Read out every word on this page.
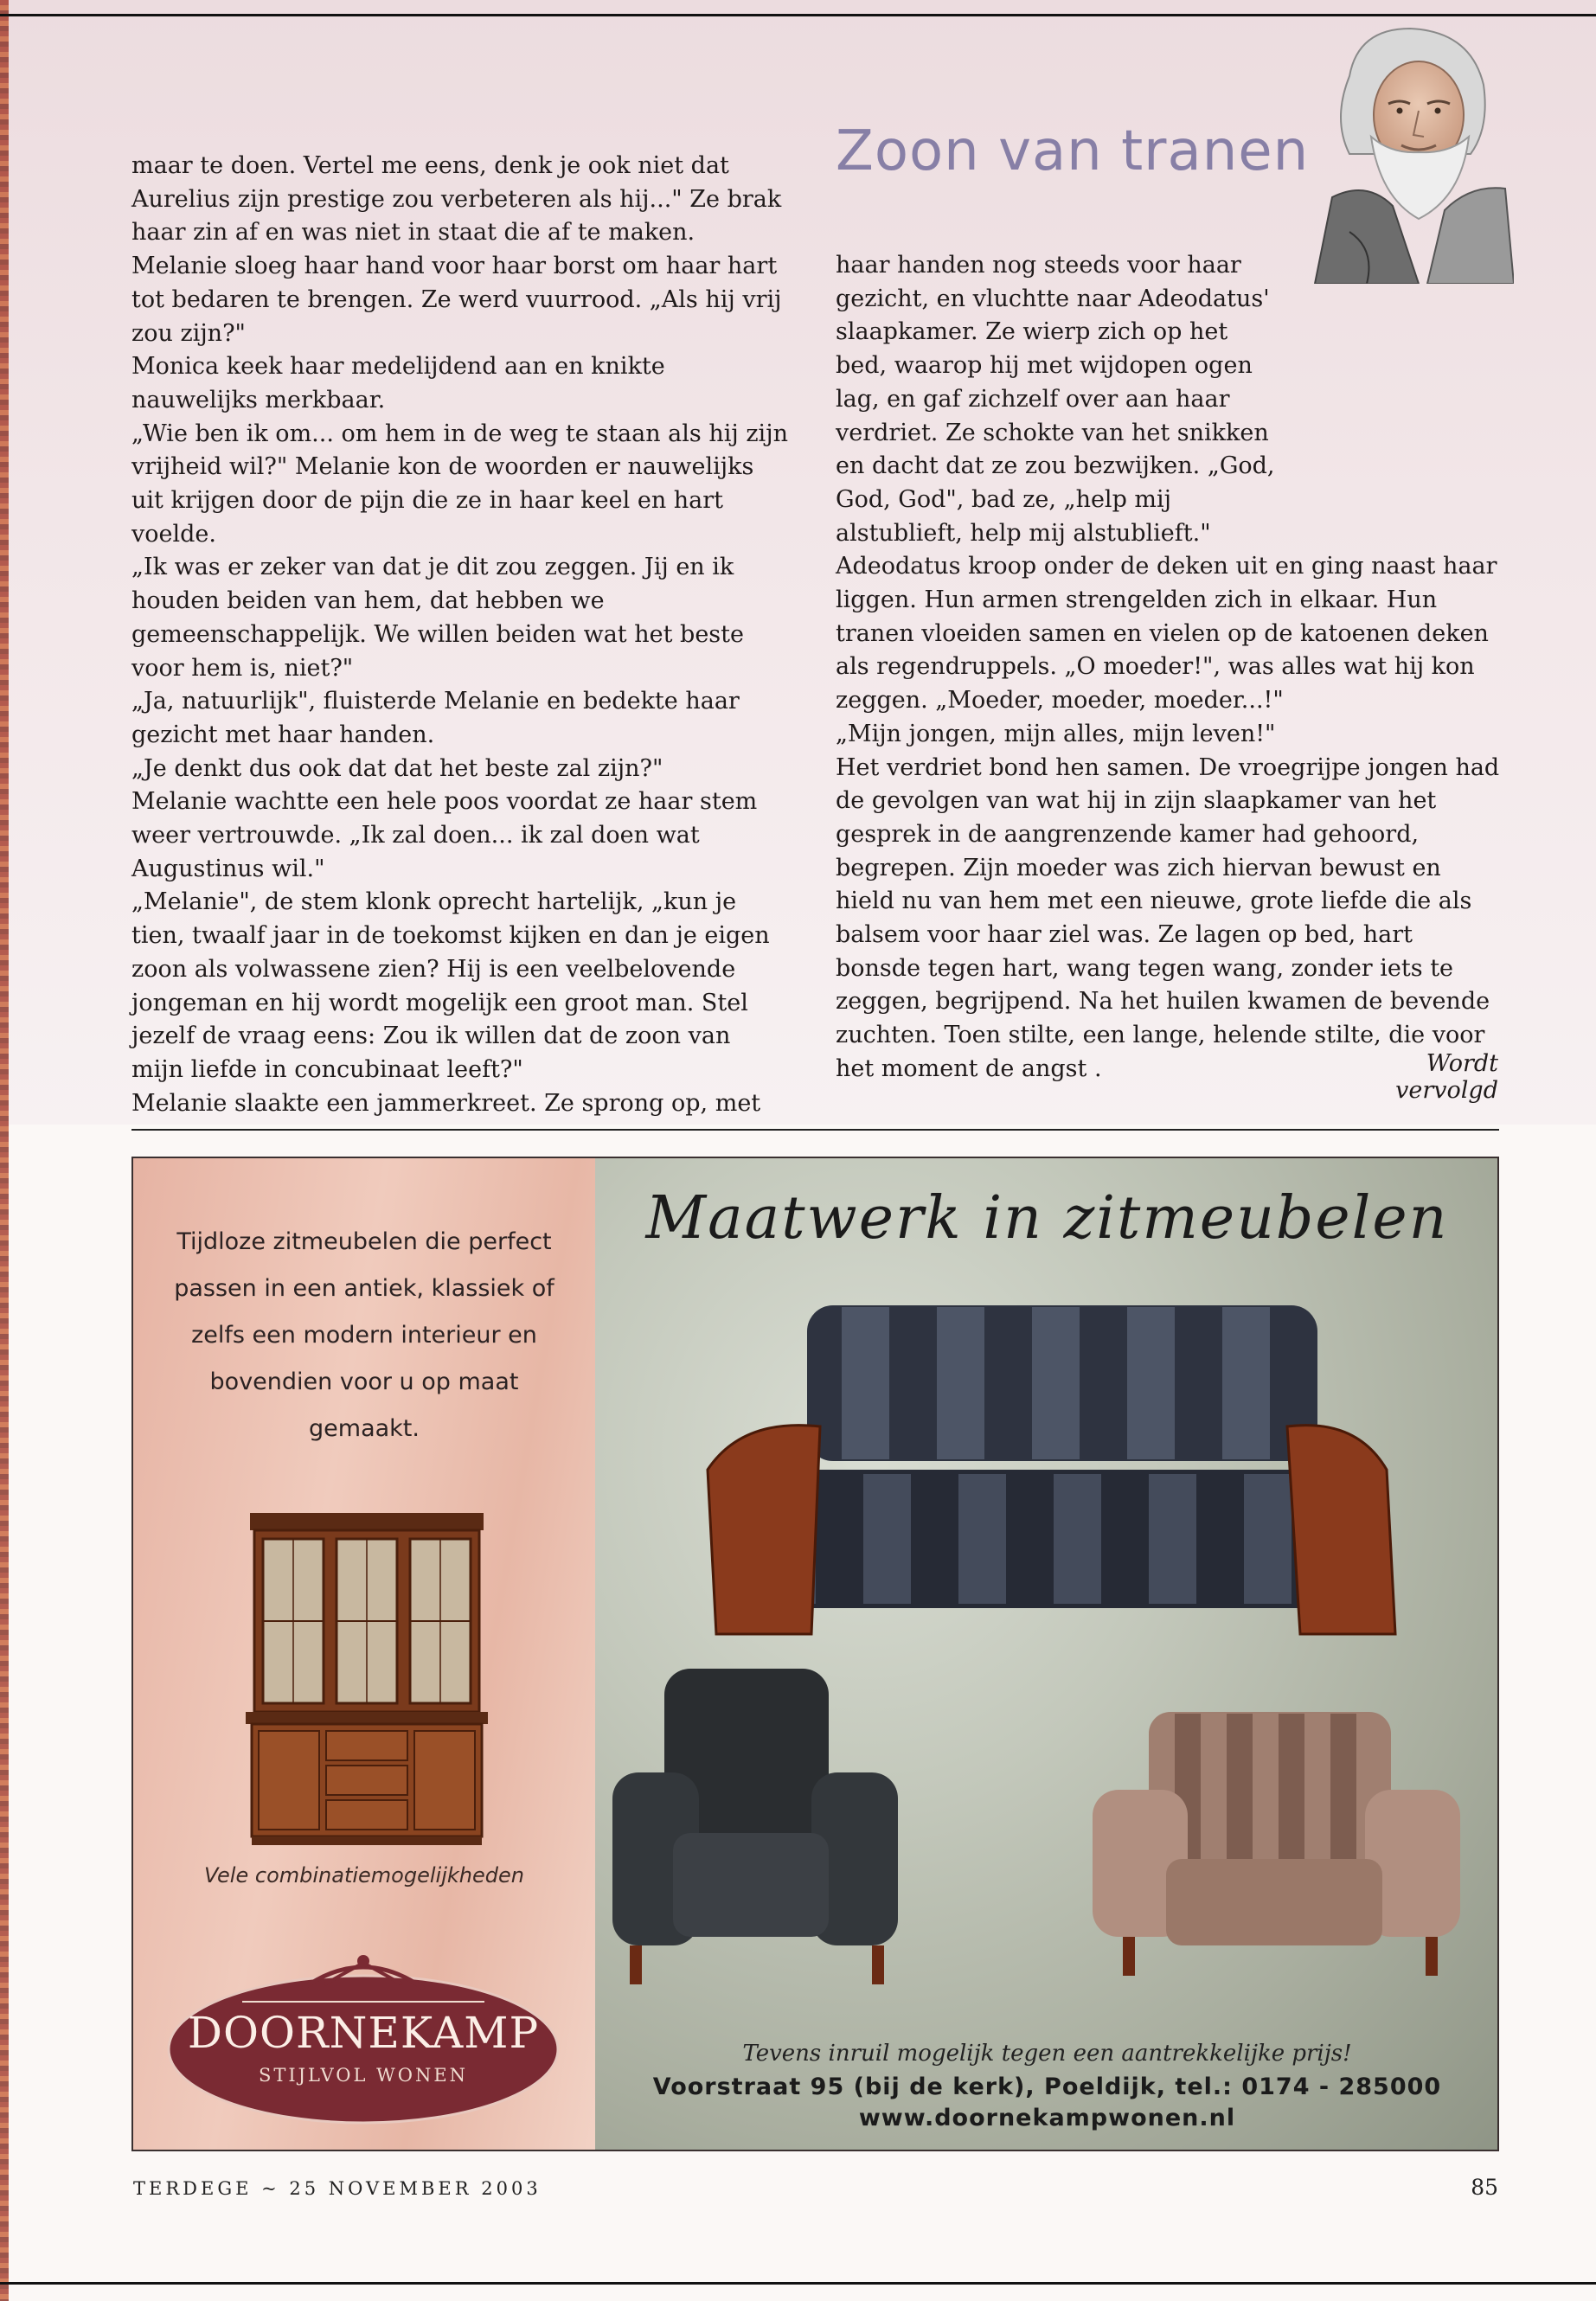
Zoon van tranen

maar te doen. Vertel me eens, denk je ook niet dat Aurelius zijn prestige zou verbeteren als hij..." Ze brak haar zin af en was niet in staat die af te maken.

Melanie sloeg haar hand voor haar borst om haar hart tot bedaren te brengen. Ze werd vuurrood. „Als hij vrij zou zijn?"

Monica keek haar medelijdend aan en knikte nauwelijks merkbaar.

„Wie ben ik om... om hem in de weg te staan als hij zijn vrijheid wil?" Melanie kon de woorden er nauwelijks uit krijgen door de pijn die ze in haar keel en hart voelde.

„Ik was er zeker van dat je dit zou zeggen. Jij en ik houden beiden van hem, dat hebben we gemeenschappelijk. We willen beiden wat het beste voor hem is, niet?"

„Ja, natuurlijk", fluisterde Melanie en bedekte haar gezicht met haar handen.

„Je denkt dus ook dat dat het beste zal zijn?"

Melanie wachtte een hele poos voordat ze haar stem weer vertrouwde. „Ik zal doen... ik zal doen wat Augustinus wil."

„Melanie", de stem klonk oprecht hartelijk, „kun je tien, twaalf jaar in de toekomst kijken en dan je eigen zoon als volwassene zien? Hij is een veelbelovende jongeman en hij wordt mogelijk een groot man. Stel jezelf de vraag eens: Zou ik willen dat de zoon van mijn liefde in concubinaat leeft?"

Melanie slaakte een jammerkreet. Ze sprong op, met

haar handen nog steeds voor haar gezicht, en vluchtte naar Adeodatus' slaapkamer. Ze wierp zich op het bed, waarop hij met wijdopen ogen lag, en gaf zichzelf over aan haar verdriet. Ze schokte van het snikken en dacht dat ze zou bezwijken. „God, God, God", bad ze, „help mij alstublieft, help mij alstublieft."

Adeodatus kroop onder de deken uit en ging naast haar liggen. Hun armen strengelden zich in elkaar. Hun tranen vloeiden samen en vielen op de katoenen deken als regendruppels. „O moeder!", was alles wat hij kon zeggen. „Moeder, moeder, moeder...!"

„Mijn jongen, mijn alles, mijn leven!"

Het verdriet bond hen samen. De vroegrijpe jongen had de gevolgen van wat hij in zijn slaapkamer van het gesprek in de aangrenzende kamer had gehoord, begrepen. Zijn moeder was zich hiervan bewust en hield nu van hem met een nieuwe, grote liefde die als balsem voor haar ziel was. Ze lagen op bed, hart bonsde tegen hart, wang tegen wang, zonder iets te zeggen, begrijpend. Na het huilen kwamen de bevende zuchten. Toen stilte, een lange, helende stilte, die voor het moment de angst .	Wordt vervolgd

Tijdloze zitmeubelen die perfect passen in een antiek, klassiek of zelfs een modern interieur en bovendien voor u op maat gemaakt.

Vele combinatiemogelijkheden

DOORNEKAMP
STIJLVOL WONEN

Maatwerk in zitmeubelen

Tevens inruil mogelijk tegen een aantrekkelijke prijs!

Voorstraat 95 (bij de kerk), Poeldijk, tel.: 0174 - 285000

www.doornekampwonen.nl

TERDEGE ~ 25 NOVEMBER 2003	85
